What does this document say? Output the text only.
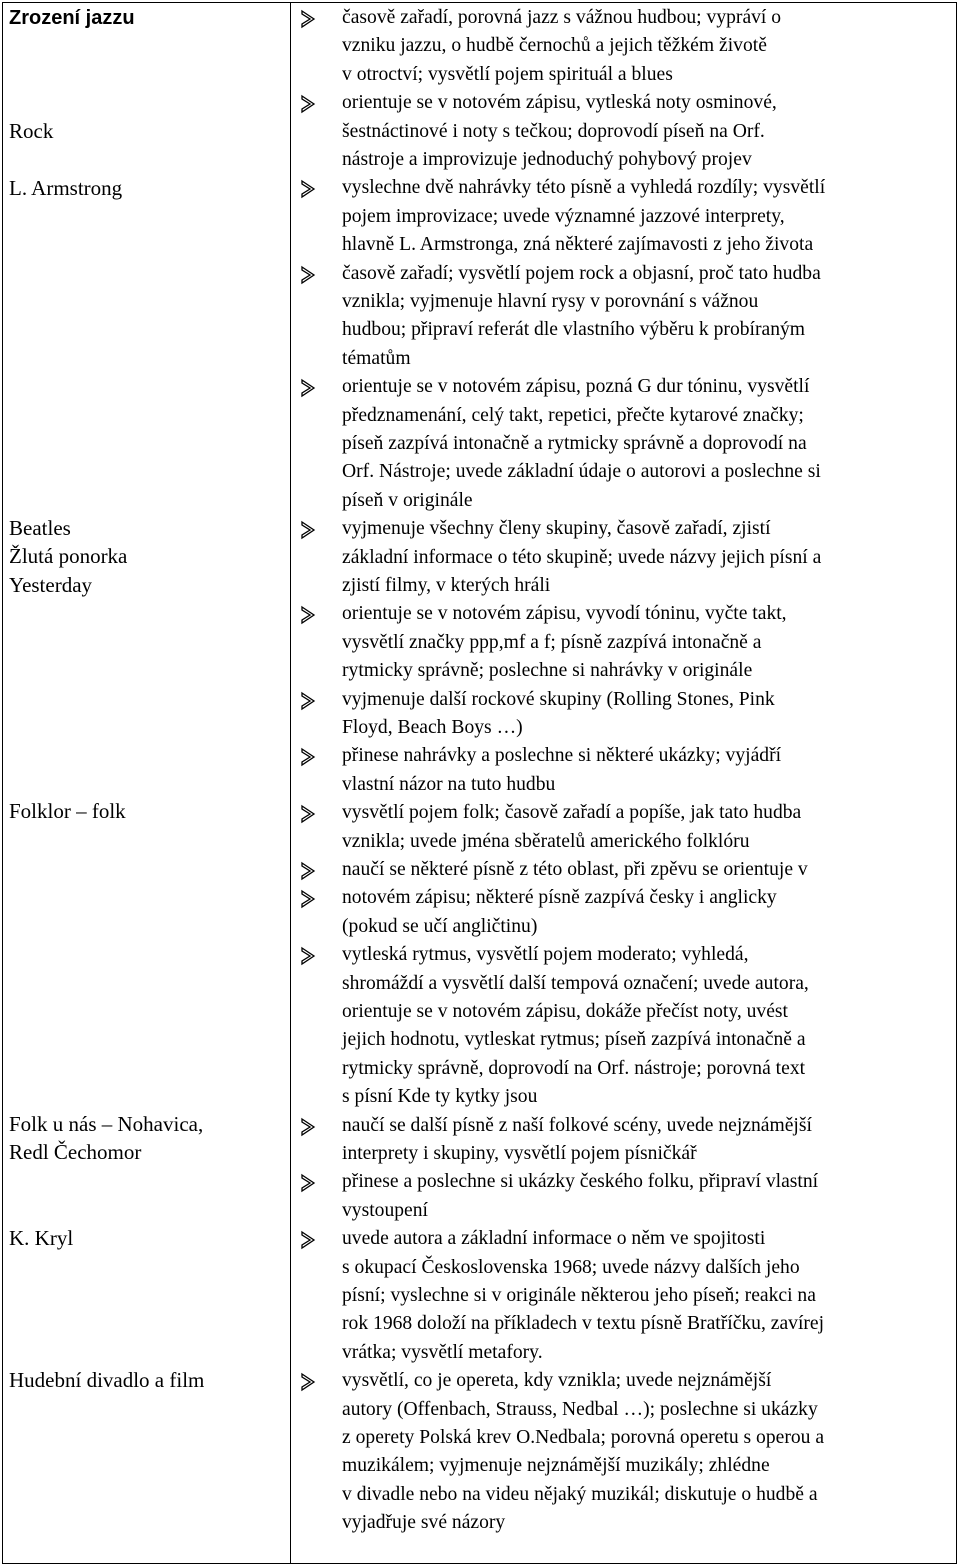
Zrození jazzu
Rock
L. Armstrong
Beatles
Žlutá ponorka
Yesterday
Folklor – folk
Folk u nás – Nohavica,
Redl Čechomor
K. Kryl
Hudební divadlo a film
časově zařadí, porovná jazz s vážnou hudbou; vypráví o
vzniku jazzu, o hudbě černochů a jejich těžkém životě
v otroctví; vysvětlí pojem spirituál a blues
orientuje se v notovém zápisu, vytleská noty osminové,
šestnáctinové i noty s tečkou; doprovodí píseň na Orf.
nástroje a improvizuje jednoduchý pohybový projev
vyslechne dvě nahrávky této písně a vyhledá rozdíly; vysvětlí
pojem improvizace; uvede významné jazzové interprety,
hlavně L. Armstronga, zná některé zajímavosti z jeho života
časově zařadí; vysvětlí pojem rock a objasní, proč tato hudba
vznikla; vyjmenuje hlavní rysy v porovnání s vážnou
hudbou; připraví referát dle vlastního výběru k probíraným
tématům
orientuje se v notovém zápisu, pozná G dur tóninu, vysvětlí
předznamenání, celý takt, repetici, přečte kytarové značky;
píseň zazpívá intonačně a rytmicky správně a doprovodí na
Orf. Nástroje; uvede základní údaje o autorovi a poslechne si
píseň v originále
vyjmenuje všechny členy skupiny, časově zařadí, zjistí
základní informace o této skupině; uvede názvy jejich písní a
zjistí filmy, v kterých hráli
orientuje se v notovém zápisu, vyvodí tóninu, vyčte takt,
vysvětlí značky ppp,mf a f; písně zazpívá intonačně a
rytmicky správně; poslechne si nahrávky v originále
vyjmenuje další rockové skupiny (Rolling Stones, Pink
Floyd, Beach Boys …)
přinese nahrávky a poslechne si některé ukázky; vyjádří
vlastní názor na tuto hudbu
vysvětlí pojem folk; časově zařadí a popíše, jak tato hudba
vznikla; uvede jména sběratelů amerického folklóru
naučí se některé písně z této oblast, při zpěvu se orientuje v
notovém zápisu; některé písně zazpívá česky i anglicky
(pokud se učí angličtinu)
vytleská rytmus, vysvětlí pojem moderato; vyhledá,
shromáždí a vysvětlí další tempová označení; uvede autora,
orientuje se v notovém zápisu, dokáže přečíst noty, uvést
jejich hodnotu, vytleskat rytmus; píseň zazpívá intonačně a
rytmicky správně, doprovodí na Orf. nástroje; porovná text
s písní Kde ty kytky jsou
naučí se další písně z naší folkové scény, uvede nejznámější
interprety i skupiny, vysvětlí pojem písničkář
přinese a poslechne si ukázky českého folku, připraví vlastní
vystoupení
uvede autora a základní informace o něm ve spojitosti
s okupací Československa 1968; uvede názvy dalších jeho
písní; vyslechne si v originále některou jeho píseň; reakci na
rok 1968 doloží na příkladech v textu písně Bratříčku, zavírej
vrátka; vysvětlí metafory.
vysvětlí, co je opereta, kdy vznikla; uvede nejznámější
autory (Offenbach, Strauss, Nedbal …); poslechne si ukázky
z operety Polská krev O.Nedbala; porovná operetu s operou a
muzikálem; vyjmenuje nejznámější muzikály; zhlédne
v divadle nebo na videu nějaký muzikál; diskutuje o hudbě a
vyjadřuje své názory
